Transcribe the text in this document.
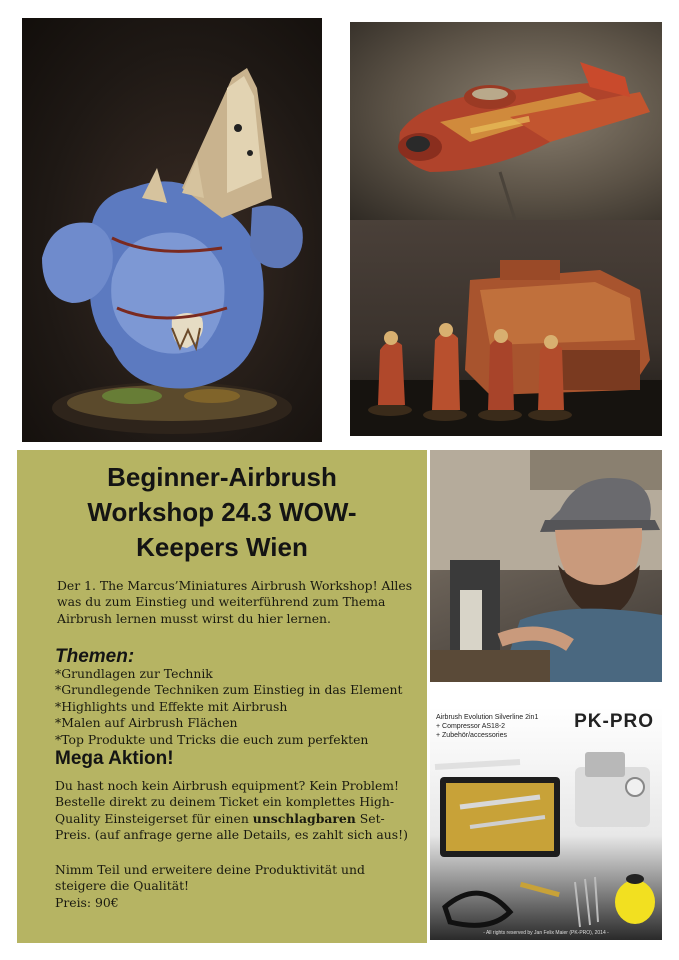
Beginner-Airbrush Workshop 24.3 WOW-Keepers Wien

Der 1. The Marcus’Miniatures Airbrush Workshop! Alles was du zum Einstieg und weiterführend zum Thema Airbrush lernen musst wirst du hier lernen.

Themen:
*Grundlagen zur Technik
*Grundlegende Techniken zum Einstieg in das Element
*Highlights und Effekte mit Airbrush
*Malen auf Airbrush Flächen
*Top Produkte und Tricks die euch zum perfekten
Mega Aktion!

Du hast noch kein Airbrush equipment? Kein Problem! Bestelle direkt zu deinem Ticket ein komplettes High-Quality Einsteigerset für einen unschlagbaren Set-Preis. (auf anfrage gerne alle Details, es zahlt sich aus!)

Nimm Teil und erweitere deine Produktivität und steigere die Qualität!

Preis: 90€

Airbrush Evolution Silverline 2in1
+ Compressor AS18-2
+ Zubehör/accessories
PK-PRO
- All rights reserved by Jan Felix Maier (PK-PRO), 2014 -
